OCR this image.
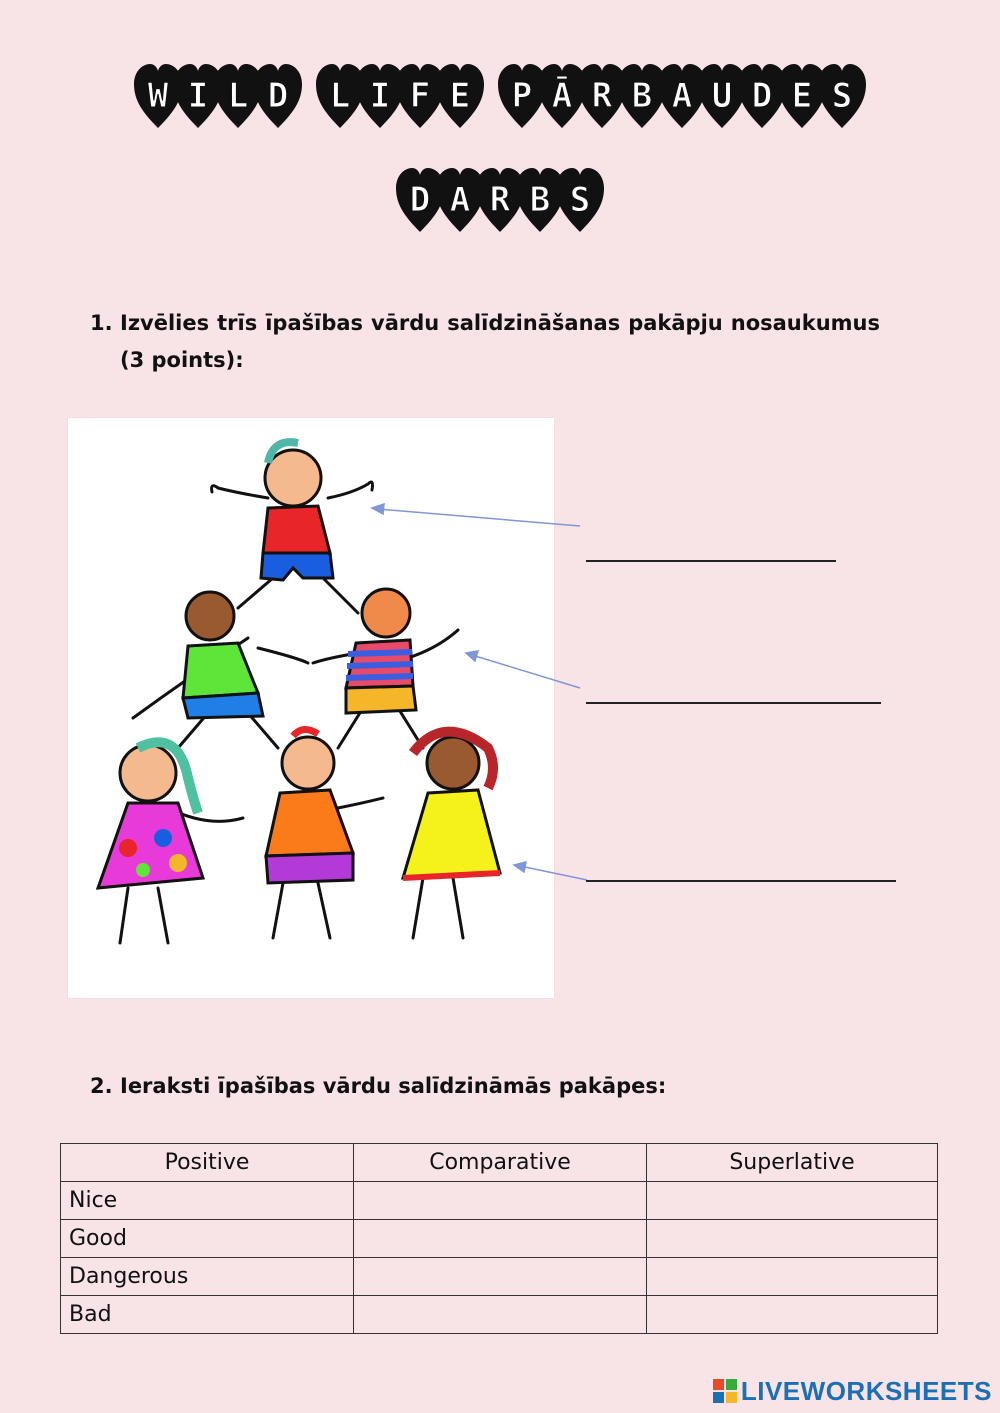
W I L D	L I F E	P Ā R B A U D E S
D A R B S
1. Izvēlies trīs īpašības vārdu salīdzināšanas pakāpju nosaukumus (3 points):
2. Ieraksti īpašības vārdu salīdzināmās pakāpes:
Positive	Comparative	Superlative
Nice		
Good		
Dangerous		
Bad		
LIVEWORKSHEETS
